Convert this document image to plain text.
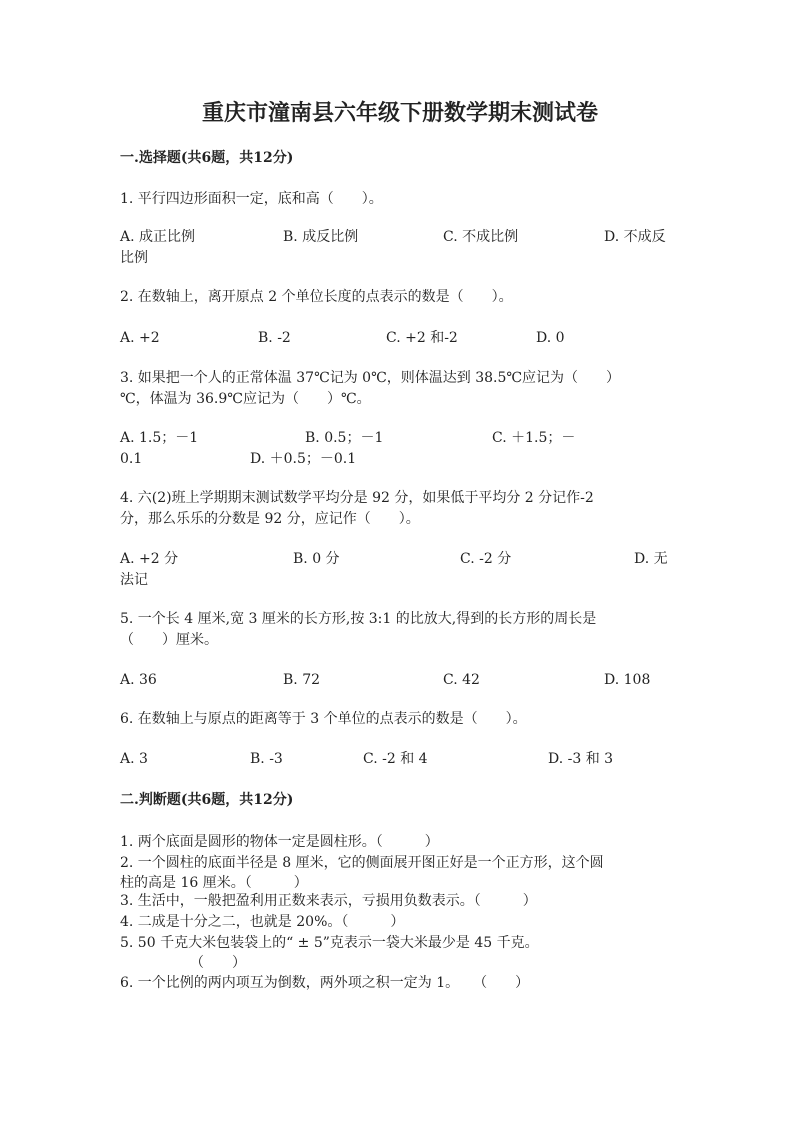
重庆市潼南县六年级下册数学期末测试卷
一.选择题(共6题，共12分)
1. 平行四边形面积一定，底和高（　　）。
A. 成正比例	B. 成反比例	C. 不成比例	D. 不成反
比例
2. 在数轴上，离开原点 2 个单位长度的点表示的数是（　　）。
A. +2	B. -2	C. +2 和-2	D. 0
3. 如果把一个人的正常体温 37℃记为 0℃，则体温达到 38.5℃应记为（　　）
℃，体温为 36.9℃应记为（　　）℃。
A. 1.5；－1	B. 0.5；－1	C. ＋1.5；－
0.1	D. ＋0.5；－0.1
4. 六(2)班上学期期末测试数学平均分是 92 分，如果低于平均分 2 分记作-2
分，那么乐乐的分数是 92 分，应记作（　　）。
A. +2 分	B. 0 分	C. -2 分	D. 无
法记
5. 一个长 4 厘米,宽 3 厘米的长方形,按 3:1 的比放大,得到的长方形的周长是
（　　）厘米。
A. 36	B. 72	C. 42	D. 108
6. 在数轴上与原点的距离等于 3 个单位的点表示的数是（　　）。
A. 3	B. -3	C. -2 和 4	D. -3 和 3
二.判断题(共6题，共12分)
1. 两个底面是圆形的物体一定是圆柱形。（　　　）
2. 一个圆柱的底面半径是 8 厘米，它的侧面展开图正好是一个正方形，这个圆
柱的高是 16 厘米。（　　　）
3. 生活中，一般把盈利用正数来表示，亏损用负数表示。（　　　）
4. 二成是十分之二，也就是 20%。（　　　）
5. 50 千克大米包装袋上的“ ± 5”克表示一袋大米最少是 45 千克。
（　　）
6. 一个比例的两内项互为倒数，两外项之积一定为 1。　　（　　）
